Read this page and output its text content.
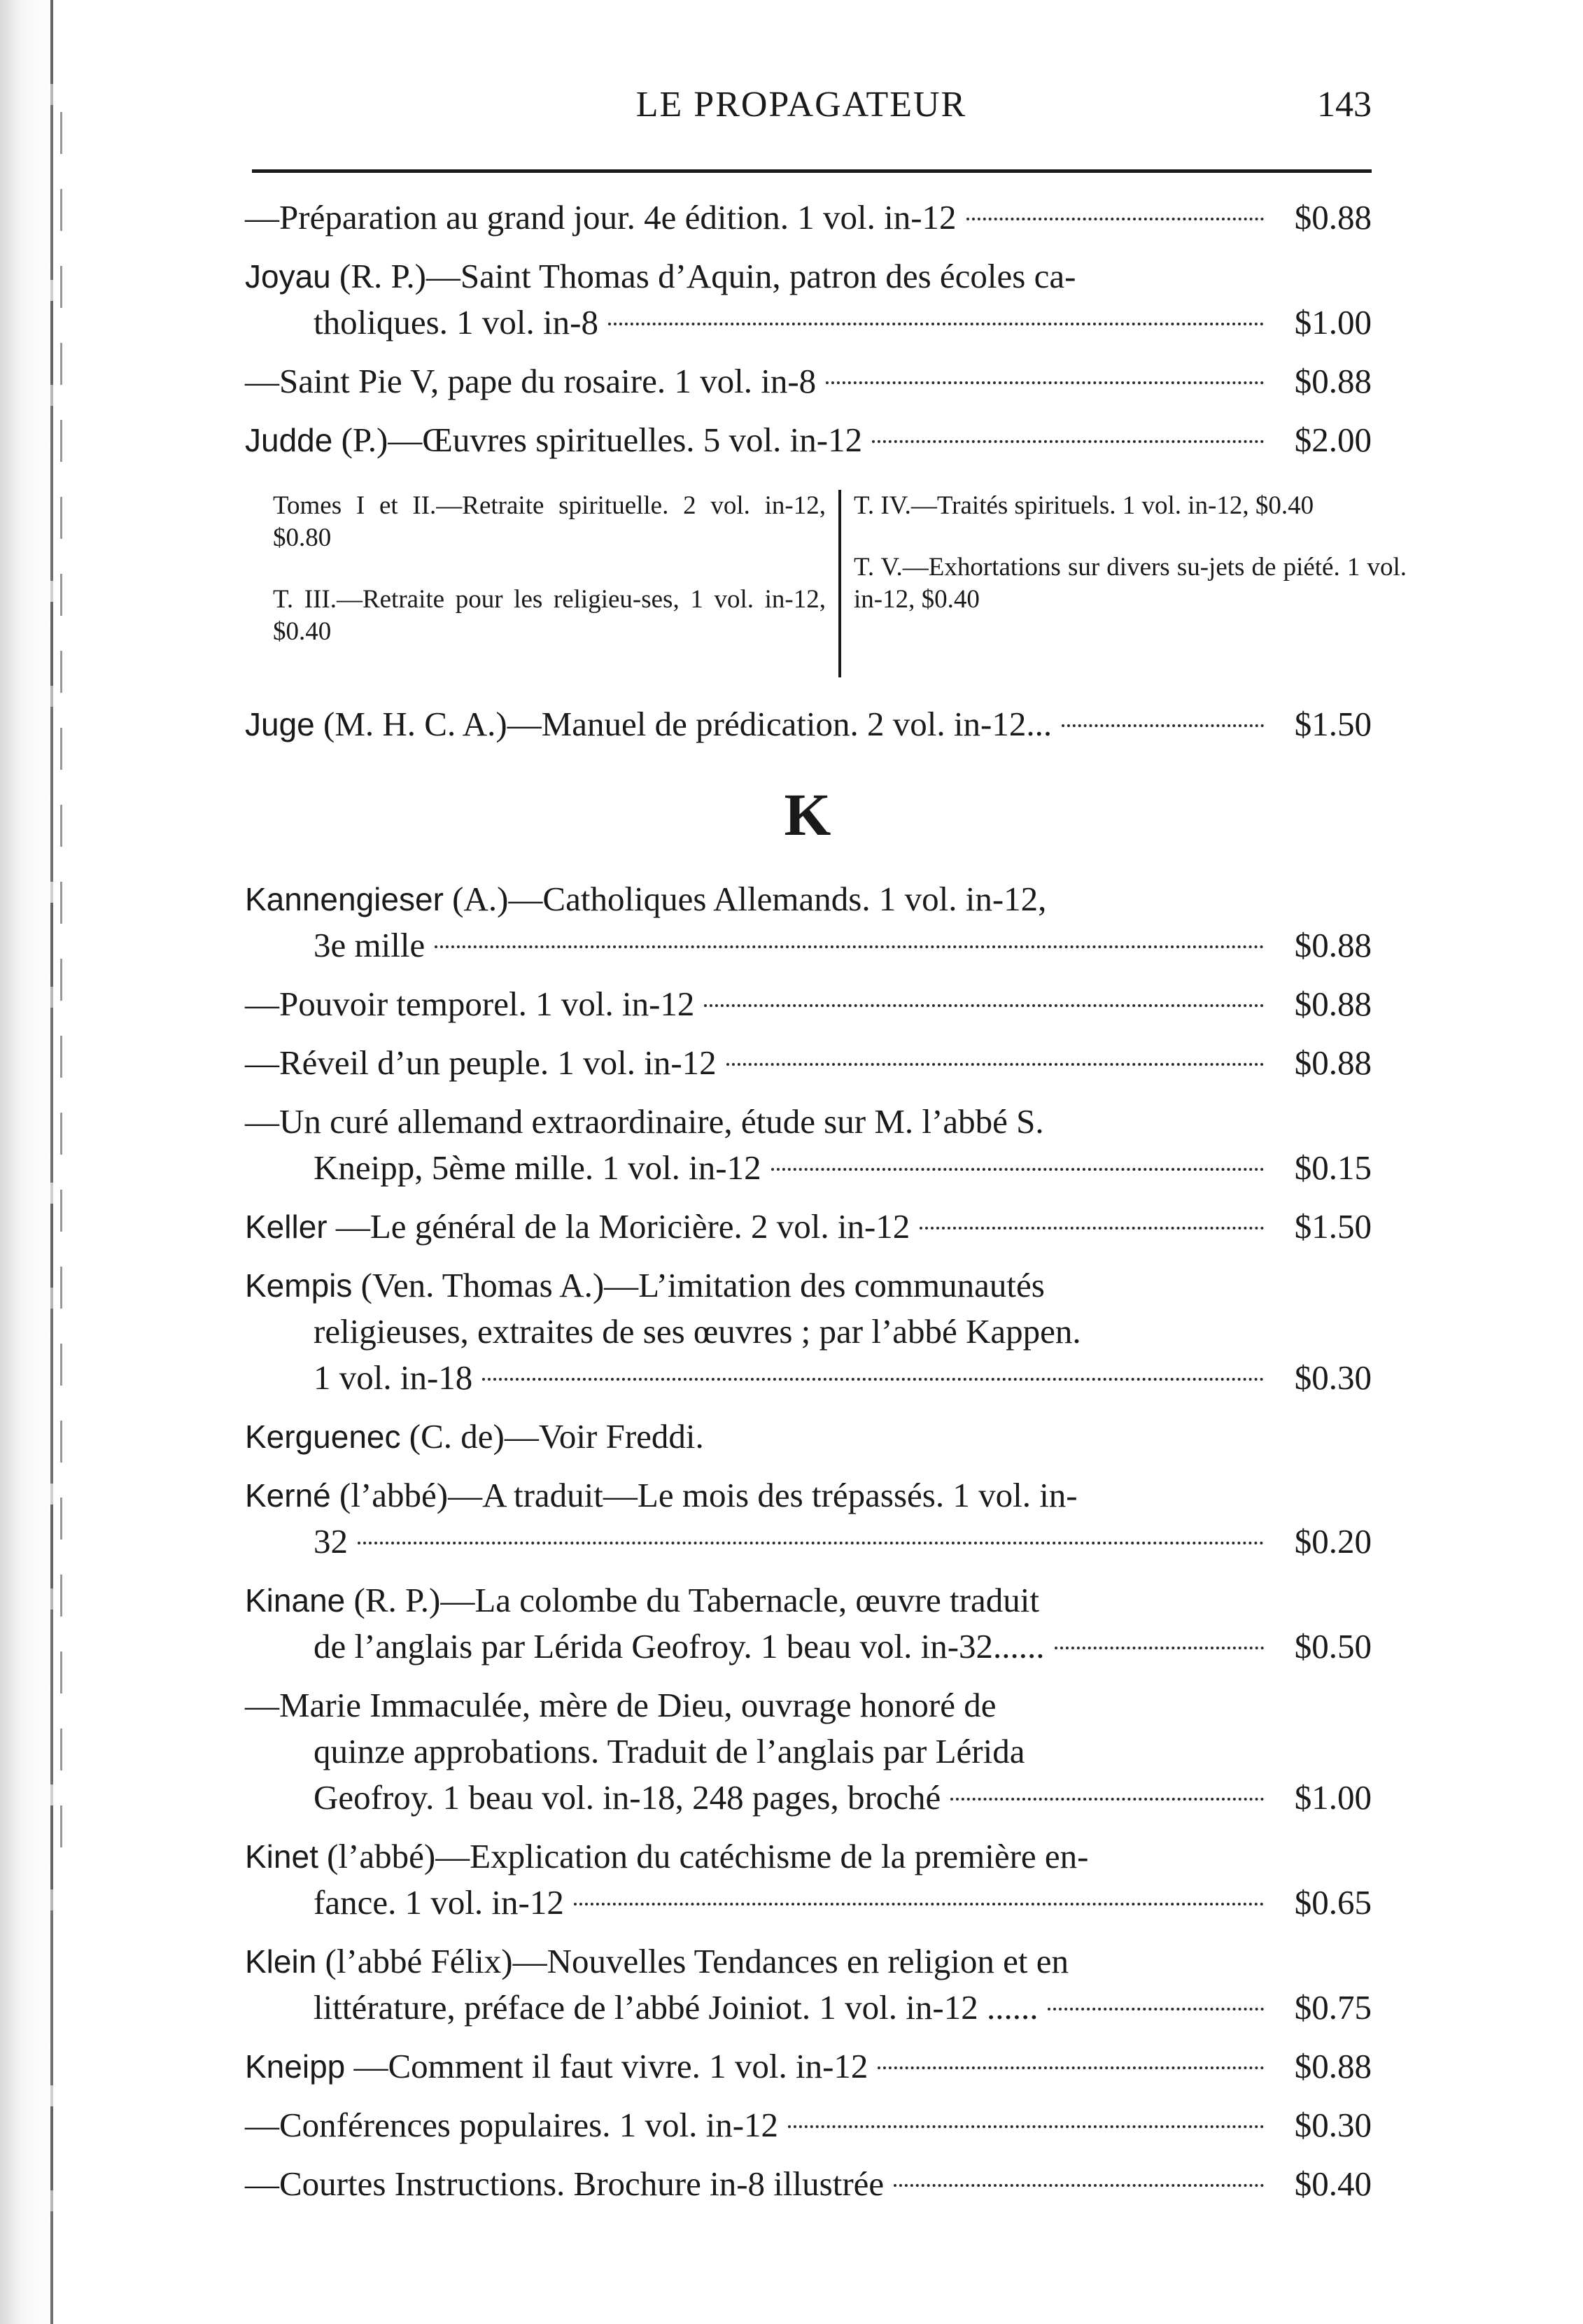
LE PROPAGATEUR	143
—Préparation au grand jour. 4e édition. 1 vol. in-12	$0.88
Joyau
(R. P.)—Saint Thomas d’Aquin, patron des écoles ca-
tholiques. 1 vol. in-8	$1.00
—Saint Pie V, pape du rosaire. 1 vol. in-8	$0.88
Judde
(P.)—Œuvres spirituelles. 5 vol. in-12	$2.00
Tomes I et II.—Retraite spirituelle. 2 vol. in-12, $0.80
T. III.—Retraite pour les religieu-ses, 1 vol. in-12, $0.40
T. IV.—Traités spirituels. 1 vol. in-12, $0.40
T. V.—Exhortations sur divers su-jets de piété. 1 vol. in-12, $0.40
Juge
(M. H. C. A.)—Manuel de prédication. 2 vol. in-12...	$1.50
K
Kannengieser
(A.)—Catholiques Allemands. 1 vol. in-12,
3e mille	$0.88
—Pouvoir temporel. 1 vol. in-12	$0.88
—Réveil d’un peuple. 1 vol. in-12	$0.88
—Un curé allemand extraordinaire, étude sur M. l’abbé S.
Kneipp, 5ème mille. 1 vol. in-12	$0.15
Keller
—Le général de la Moricière. 2 vol. in-12	$1.50
Kempis
(Ven. Thomas A.)—L’imitation des communautés
religieuses, extraites de ses œuvres ; par l’abbé Kappen.
1 vol. in-18	$0.30
Kerguenec
(C. de)—Voir Freddi.
Kerné
(l’abbé)—A traduit—Le mois des trépassés. 1 vol. in-
32	$0.20
Kinane
(R. P.)—La colombe du Tabernacle, œuvre traduit
de l’anglais par Lérida Geofroy. 1 beau vol. in-32......	$0.50
—Marie Immaculée, mère de Dieu, ouvrage honoré de
quinze approbations. Traduit de l’anglais par Lérida
Geofroy. 1 beau vol. in-18, 248 pages, broché	$1.00
Kinet
(l’abbé)—Explication du catéchisme de la première en-
fance. 1 vol. in-12	$0.65
Klein
(l’abbé Félix)—Nouvelles Tendances en religion et en
littérature, préface de l’abbé Joiniot. 1 vol. in-12 ......	$0.75
Kneipp
—Comment il faut vivre. 1 vol. in-12	$0.88
—Conférences populaires. 1 vol. in-12	$0.30
—Courtes Instructions. Brochure in-8 illustrée	$0.40
